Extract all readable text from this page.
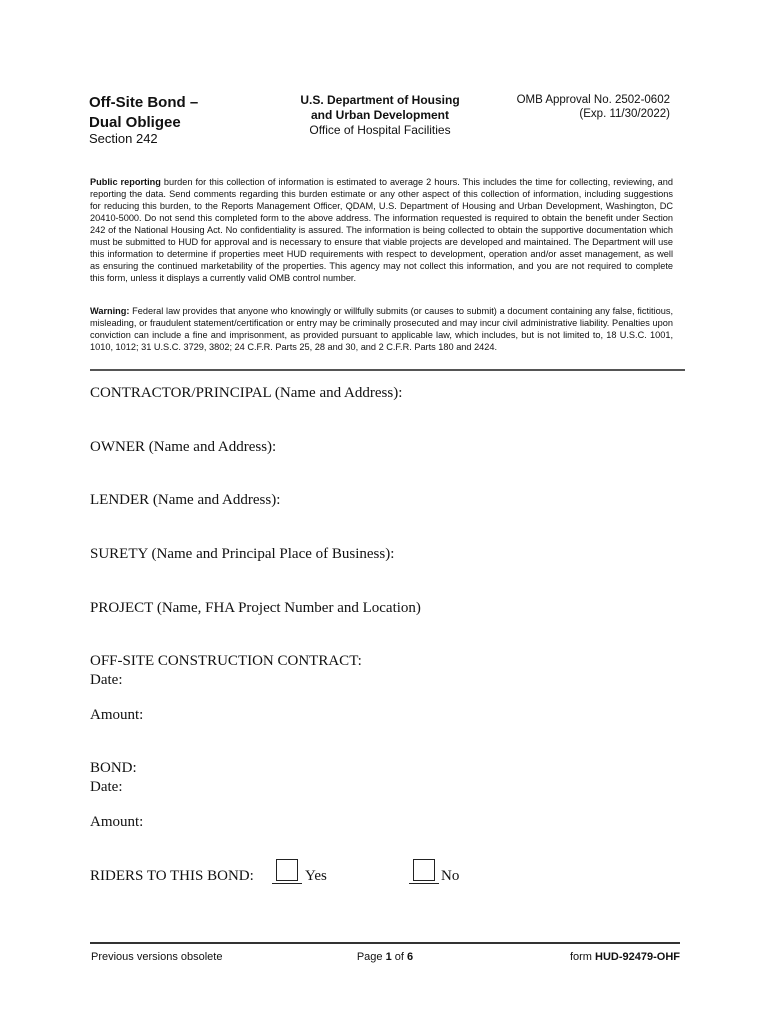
Off-Site Bond –
Dual Obligee
Section 242
U.S. Department of Housing
and Urban Development
Office of Hospital Facilities
OMB Approval No. 2502-0602
(Exp. 11/30/2022)
Public reporting burden for this collection of information is estimated to average 2 hours. This includes the time for collecting, reviewing, and reporting the data. Send comments regarding this burden estimate or any other aspect of this collection of information, including suggestions for reducing this burden, to the Reports Management Officer, QDAM, U.S. Department of Housing and Urban Development, Washington, DC 20410-5000. Do not send this completed form to the above address. The information requested is required to obtain the benefit under Section 242 of the National Housing Act. No confidentiality is assured. The information is being collected to obtain the supportive documentation which must be submitted to HUD for approval and is necessary to ensure that viable projects are developed and maintained. The Department will use this information to determine if properties meet HUD requirements with respect to development, operation and/or asset management, as well as ensuring the continued marketability of the properties. This agency may not collect this information, and you are not required to complete this form, unless it displays a currently valid OMB control number.
Warning: Federal law provides that anyone who knowingly or willfully submits (or causes to submit) a document containing any false, fictitious, misleading, or fraudulent statement/certification or entry may be criminally prosecuted and may incur civil administrative liability. Penalties upon conviction can include a fine and imprisonment, as provided pursuant to applicable law, which includes, but is not limited to, 18 U.S.C. 1001, 1010, 1012; 31 U.S.C. 3729, 3802; 24 C.F.R. Parts 25, 28 and 30, and 2 C.F.R. Parts 180 and 2424.
CONTRACTOR/PRINCIPAL (Name and Address):
OWNER (Name and Address):
LENDER (Name and Address):
SURETY (Name and Principal Place of Business):
PROJECT (Name, FHA Project Number and Location)
OFF-SITE CONSTRUCTION CONTRACT:
Date:
Amount:
BOND:
Date:
Amount:
RIDERS TO THIS BOND:	Yes	No
Previous versions obsolete	Page 1 of 6	form HUD-92479-OHF
